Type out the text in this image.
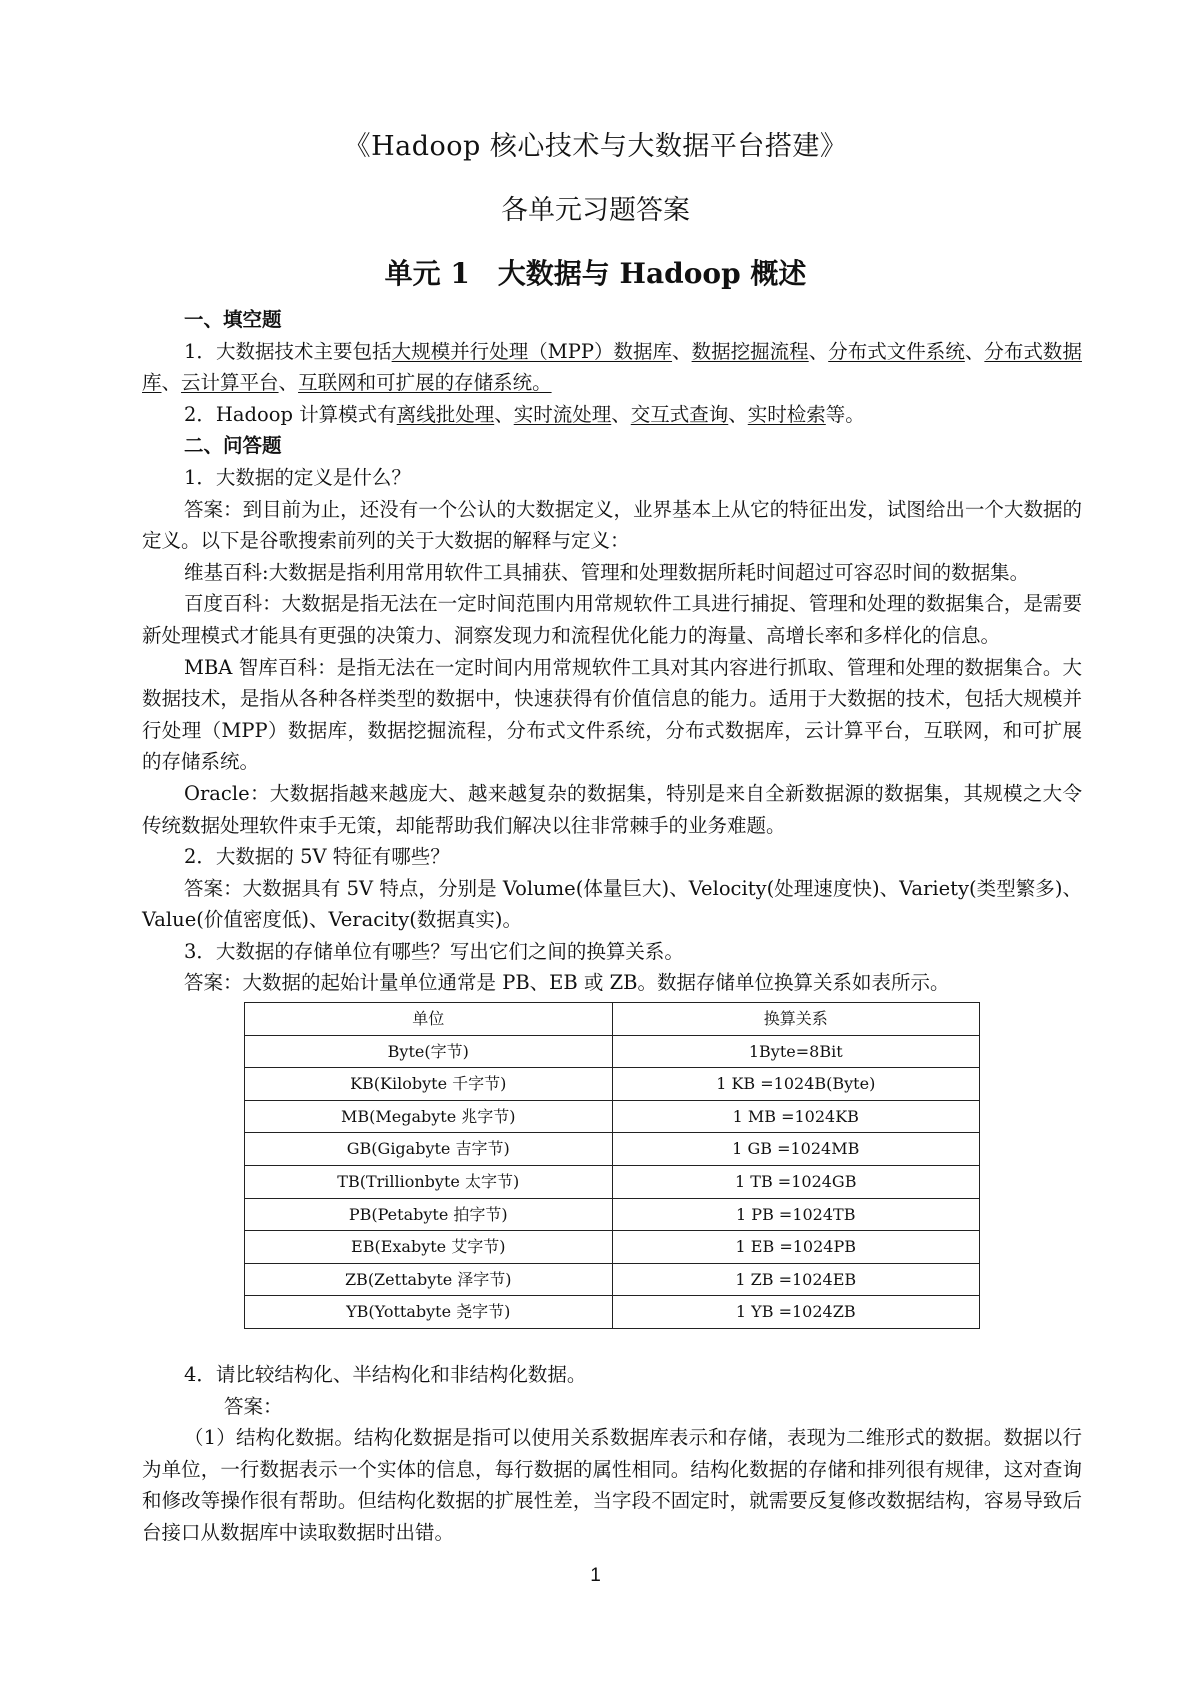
《Hadoop 核心技术与大数据平台搭建》
各单元习题答案
单元 1　大数据与 Hadoop 概述

一、填空题

1．大数据技术主要包括大规模并行处理（MPP）数据库、数据挖掘流程、分布式文件系统、分布式数据库、云计算平台、互联网和可扩展的存储系统。

2．Hadoop 计算模式有离线批处理、实时流处理、交互式查询、实时检索等。

二、问答题

1．大数据的定义是什么？

答案：到目前为止，还没有一个公认的大数据定义，业界基本上从它的特征出发，试图给出一个大数据的定义。以下是谷歌搜索前列的关于大数据的解释与定义：

维基百科:大数据是指利用常用软件工具捕获、管理和处理数据所耗时间超过可容忍时间的数据集。

百度百科：大数据是指无法在一定时间范围内用常规软件工具进行捕捉、管理和处理的数据集合，是需要新处理模式才能具有更强的决策力、洞察发现力和流程优化能力的海量、高增长率和多样化的信息。

MBA 智库百科：是指无法在一定时间内用常规软件工具对其内容进行抓取、管理和处理的数据集合。大数据技术，是指从各种各样类型的数据中，快速获得有价值信息的能力。适用于大数据的技术，包括大规模并行处理（MPP）数据库，数据挖掘流程，分布式文件系统，分布式数据库，云计算平台，互联网，和可扩展的存储系统。

Oracle：大数据指越来越庞大、越来越复杂的数据集，特别是来自全新数据源的数据集，其规模之大令传统数据处理软件束手无策，却能帮助我们解决以往非常棘手的业务难题。

2．大数据的 5V 特征有哪些？

答案：大数据具有 5V 特点，分别是 Volume(体量巨大)、Velocity(处理速度快)、Variety(类型繁多)、Value(价值密度低)、Veracity(数据真实)。

3．大数据的存储单位有哪些？写出它们之间的换算关系。

答案：大数据的起始计量单位通常是 PB、EB 或 ZB。数据存储单位换算关系如表所示。

单位	换算关系
Byte(字节)	1Byte=8Bit
KB(Kilobyte 千字节)	1 KB =1024B(Byte)
MB(Megabyte 兆字节)	1 MB =1024KB
GB(Gigabyte 吉字节)	1 GB =1024MB
TB(Trillionbyte 太字节)	1 TB =1024GB
PB(Petabyte 拍字节)	1 PB =1024TB
EB(Exabyte 艾字节)	1 EB =1024PB
ZB(Zettabyte 泽字节)	1 ZB =1024EB
YB(Yottabyte 尧字节)	1 YB =1024ZB

4．请比较结构化、半结构化和非结构化数据。

答案：

（1）结构化数据。结构化数据是指可以使用关系数据库表示和存储，表现为二维形式的数据。数据以行为单位，一行数据表示一个实体的信息，每行数据的属性相同。结构化数据的存储和排列很有规律，这对查询和修改等操作很有帮助。但结构化数据的扩展性差，当字段不固定时，就需要反复修改数据结构，容易导致后台接口从数据库中读取数据时出错。

1
